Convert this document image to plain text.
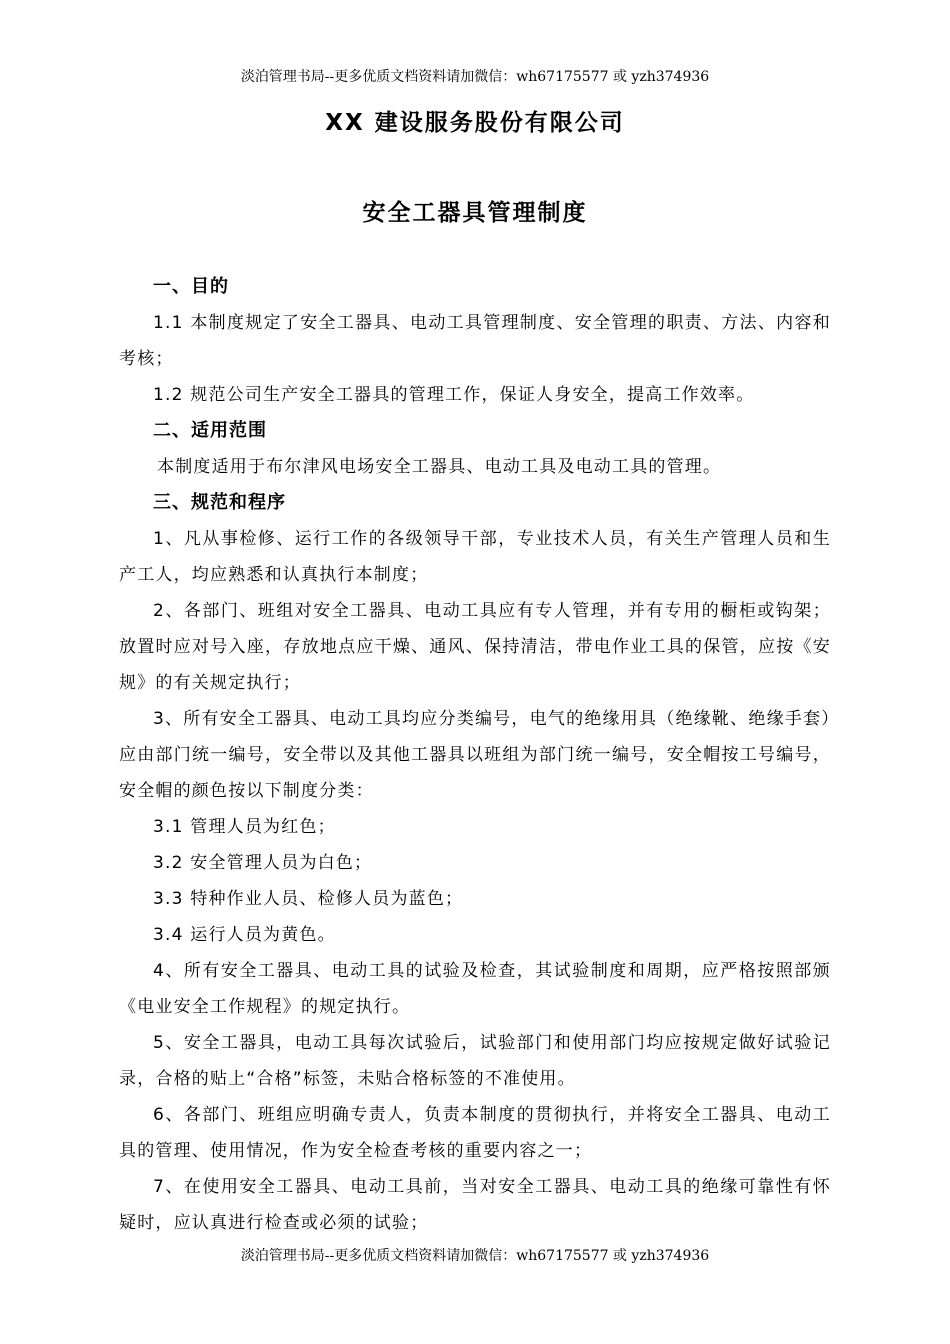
淡泊管理书局--更多优质文档资料请加微信：wh67175577 或 yzh374936
XX 建设服务股份有限公司
安全工器具管理制度
一、目的
1.1 本制度规定了安全工器具、电动工具管理制度、安全管理的职责、方法、内容和考核；
1.2 规范公司生产安全工器具的管理工作，保证人身安全，提高工作效率。
二、适用范围
本制度适用于布尔津风电场安全工器具、电动工具及电动工具的管理。
三、规范和程序
1、凡从事检修、运行工作的各级领导干部，专业技术人员，有关生产管理人员和生产工人，均应熟悉和认真执行本制度；
2、各部门、班组对安全工器具、电动工具应有专人管理，并有专用的橱柜或钩架；放置时应对号入座，存放地点应干燥、通风、保持清洁，带电作业工具的保管，应按《安规》的有关规定执行；
3、所有安全工器具、电动工具均应分类编号，电气的绝缘用具（绝缘靴、绝缘手套）应由部门统一编号，安全带以及其他工器具以班组为部门统一编号，安全帽按工号编号，安全帽的颜色按以下制度分类：
3.1 管理人员为红色；
3.2 安全管理人员为白色；
3.3 特种作业人员、检修人员为蓝色；
3.4 运行人员为黄色。
4、所有安全工器具、电动工具的试验及检查，其试验制度和周期，应严格按照部颁《电业安全工作规程》的规定执行。
5、安全工器具，电动工具每次试验后，试验部门和使用部门均应按规定做好试验记录，合格的贴上“合格”标签，未贴合格标签的不准使用。
6、各部门、班组应明确专责人，负责本制度的贯彻执行，并将安全工器具、电动工具的管理、使用情况，作为安全检查考核的重要内容之一；
7、在使用安全工器具、电动工具前，当对安全工器具、电动工具的绝缘可靠性有怀疑时，应认真进行检查或必须的试验；
淡泊管理书局--更多优质文档资料请加微信：wh67175577 或 yzh374936
